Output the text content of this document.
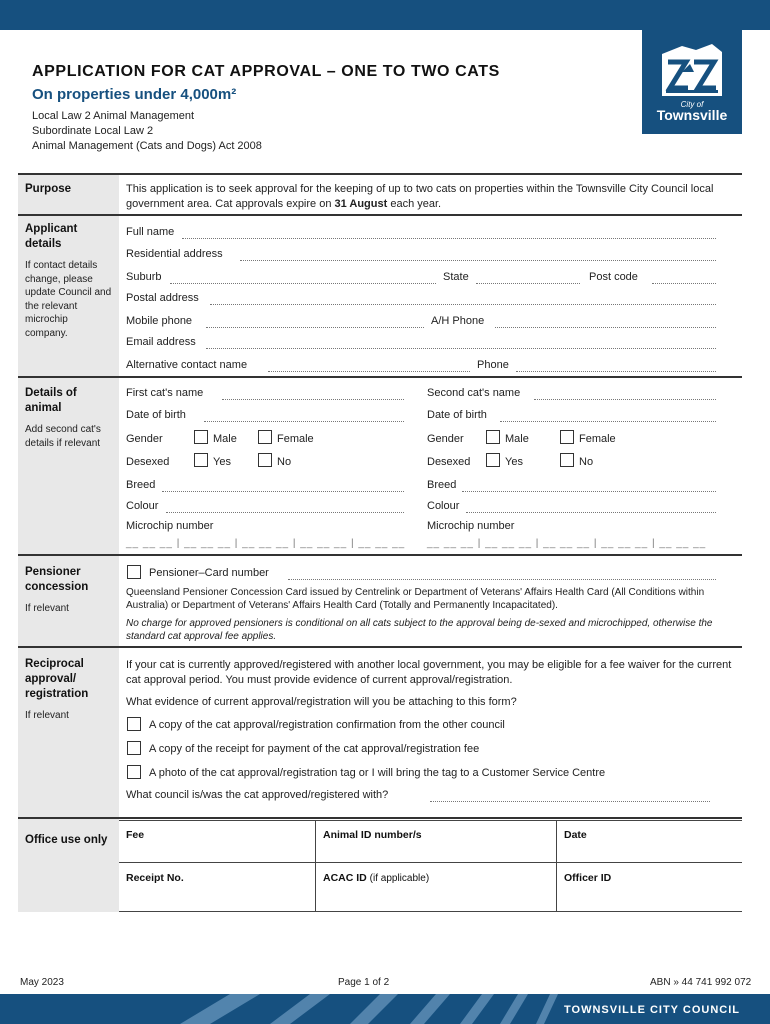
City of
Townsville
APPLICATION FOR CAT APPROVAL – ONE TO TWO CATS
On properties under 4,000m²
Local Law 2 Animal Management
Subordinate Local Law 2
Animal Management (Cats and Dogs) Act 2008
Purpose	This application is to seek approval for the keeping of up to two cats on properties within the Townsville City Council local government area. Cat approvals expire on 31 August each year.
Applicant details
If contact details change, please update Council and the relevant microchip company.
Full name
Residential address
Suburb	State	Post code
Postal address
Mobile phone	A/H Phone
Email address
Alternative contact name	Phone
Details of animal
Add second cat's details if relevant
First cat's name
Date of birth
Gender	Male	Female
Desexed	Yes	No
Breed
Colour
Microchip number
__ __ __ | __ __ __ | __ __ __ | __ __ __ | __ __ __
Second cat's name
Date of birth
Gender	Male	Female
Desexed	Yes	No
Breed
Colour
Microchip number
__ __ __ | __ __ __ | __ __ __ | __ __ __ | __ __ __
Pensioner concession
If relevant
Pensioner–Card number
Queensland Pensioner Concession Card issued by Centrelink or Department of Veterans' Affairs Health Card (All Conditions within Australia) or Department of Veterans' Affairs Health Card (Totally and Permanently Incapacitated).
No charge for approved pensioners is conditional on all cats subject to the approval being de-sexed and microchipped, otherwise the standard cat approval fee applies.
Reciprocal approval/ registration
If relevant
If your cat is currently approved/registered with another local government, you may be eligible for a fee waiver for the current cat approval period. You must provide evidence of current approval/registration.
What evidence of current approval/registration will you be attaching to this form?
A copy of the cat approval/registration confirmation from the other council
A copy of the receipt for payment of the cat approval/registration fee
A photo of the cat approval/registration tag or I will bring the tag to a Customer Service Centre
What council is/was the cat approved/registered with?
Office use only	Fee	Animal ID number/s	Date
Receipt No.	ACAC ID (if applicable)	Officer ID
May 2023	Page 1 of 2	ABN » 44 741 992 072
TOWNSVILLE CITY COUNCIL
